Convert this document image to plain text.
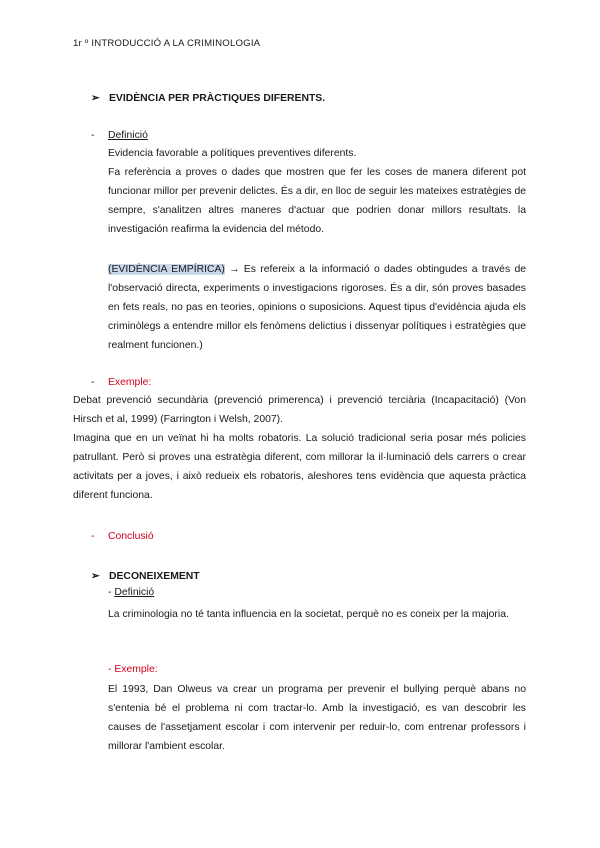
1r º INTRODUCCIÓ A LA CRIMINOLOGIA
➢ EVIDÈNCIA PER PRÀCTIQUES DIFERENTS.
- Definició

Evidencia favorable a polítiques preventives diferents.
Fa referència a proves o dades que mostren que fer les coses de manera diferent pot funcionar millor per prevenir delictes. És a dir, en lloc de seguir les mateixes estratègies de sempre, s'analitzen altres maneres d'actuar que podrien donar millors resultats. la investigación reafirma la evidencia del método.

(EVIDÈNCIA EMPÍRICA) → Es refereix a la informació o dades obtingudes a través de l'observació directa, experiments o investigacions rigoroses. És a dir, són proves basades en fets reals, no pas en teories, opinions o suposicions. Aquest tipus d'evidència ajuda els criminòlegs a entendre millor els fenòmens delictius i dissenyar polítiques i estratègies que realment funcionen.)

- Exemple:

Debat prevenció secundària (prevenció primerenca) i prevenció terciària (Incapacitació) (Von Hirsch et al, 1999) (Farrington i Welsh, 2007).
Imagina que en un veïnat hi ha molts robatoris. La solució tradicional seria posar més policies patrullant. Però si proves una estratègia diferent, com millorar la il·luminació dels carrers o crear activitats per a joves, i això redueix els robatoris, aleshores tens evidència que aquesta pràctica diferent funciona.

- Conclusió
➢ DECONEIXEMENT
- Definició

La criminologia no té tanta influencia en la societat, perquè no es coneix per la majoria.

- Exemple:

El 1993, Dan Olweus va crear un programa per prevenir el bullying perquè abans no s'entenia bé el problema ni com tractar-lo. Amb la investigació, es van descobrir les causes de l'assetjament escolar i com intervenir per reduir-lo, com entrenar professors i millorar l'ambient escolar.
